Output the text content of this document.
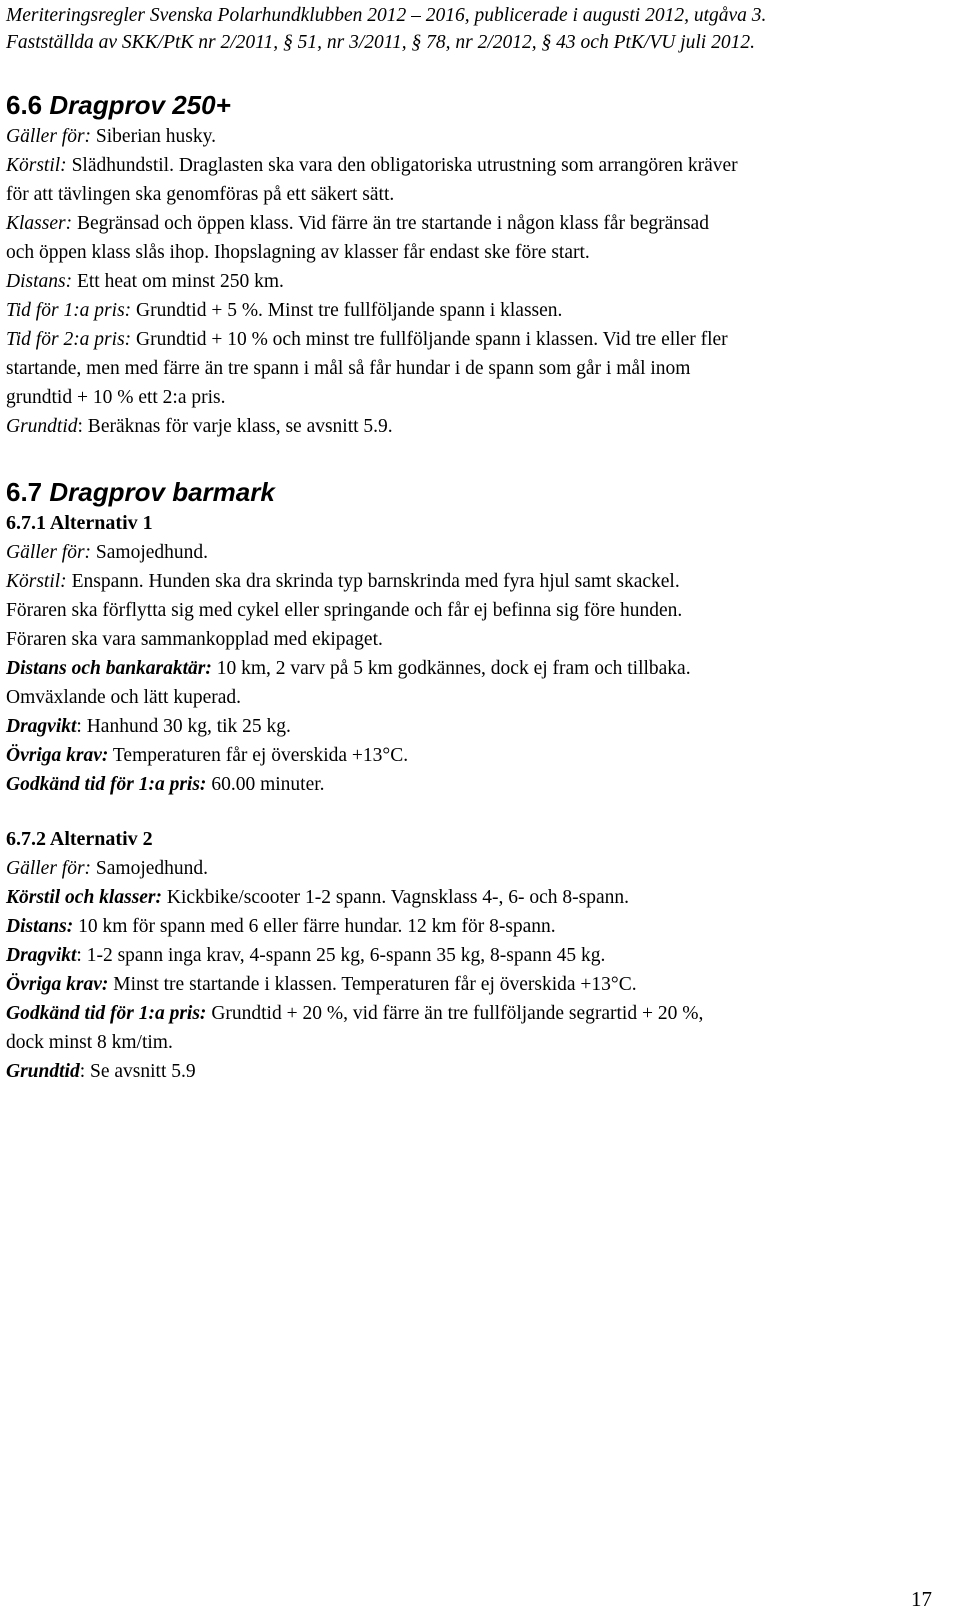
Meriteringsregler Svenska Polarhundklubben 2012 – 2016, publicerade i augusti 2012, utgåva 3.
Fastställda av SKK/PtK nr 2/2011, § 51, nr 3/2011, § 78, nr 2/2012, § 43 och PtK/VU juli 2012.
6.6 Dragprov 250+
Gäller för: Siberian husky.
Körstil: Slädhundstil. Draglasten ska vara den obligatoriska utrustning som arrangören kräver
för att tävlingen ska genomföras på ett säkert sätt.
Klasser: Begränsad och öppen klass. Vid färre än tre startande i någon klass får begränsad
och öppen klass slås ihop. Ihopslagning av klasser får endast ske före start.
Distans: Ett heat om minst 250 km.
Tid för 1:a pris: Grundtid + 5 %. Minst tre fullföljande spann i klassen.
Tid för 2:a pris: Grundtid + 10 % och minst tre fullföljande spann i klassen. Vid tre eller fler
startande, men med färre än tre spann i mål så får hundar i de spann som går i mål inom
grundtid + 10 % ett 2:a pris.
Grundtid: Beräknas för varje klass, se avsnitt 5.9.
6.7 Dragprov barmark
6.7.1 Alternativ 1
Gäller för: Samojedhund.
Körstil: Enspann. Hunden ska dra skrinda typ barnskrinda med fyra hjul samt skackel.
Föraren ska förflytta sig med cykel eller springande och får ej befinna sig före hunden.
Föraren ska vara sammankopplad med ekipaget.
Distans och bankaraktär: 10 km, 2 varv på 5 km godkännes, dock ej fram och tillbaka.
Omväxlande och lätt kuperad.
Dragvikt: Hanhund 30 kg, tik 25 kg.
Övriga krav: Temperaturen får ej överskida +13°C.
Godkänd tid för 1:a pris: 60.00 minuter.
6.7.2 Alternativ 2
Gäller för: Samojedhund.
Körstil och klasser: Kickbike/scooter 1-2 spann. Vagnsklass 4-, 6- och 8-spann.
Distans: 10 km för spann med 6 eller färre hundar. 12 km för 8-spann.
Dragvikt: 1-2 spann inga krav, 4-spann 25 kg, 6-spann 35 kg, 8-spann 45 kg.
Övriga krav: Minst tre startande i klassen. Temperaturen får ej överskida +13°C.
Godkänd tid för 1:a pris: Grundtid + 20 %, vid färre än tre fullföljande segrartid + 20 %,
dock minst 8 km/tim.
Grundtid: Se avsnitt 5.9
17
